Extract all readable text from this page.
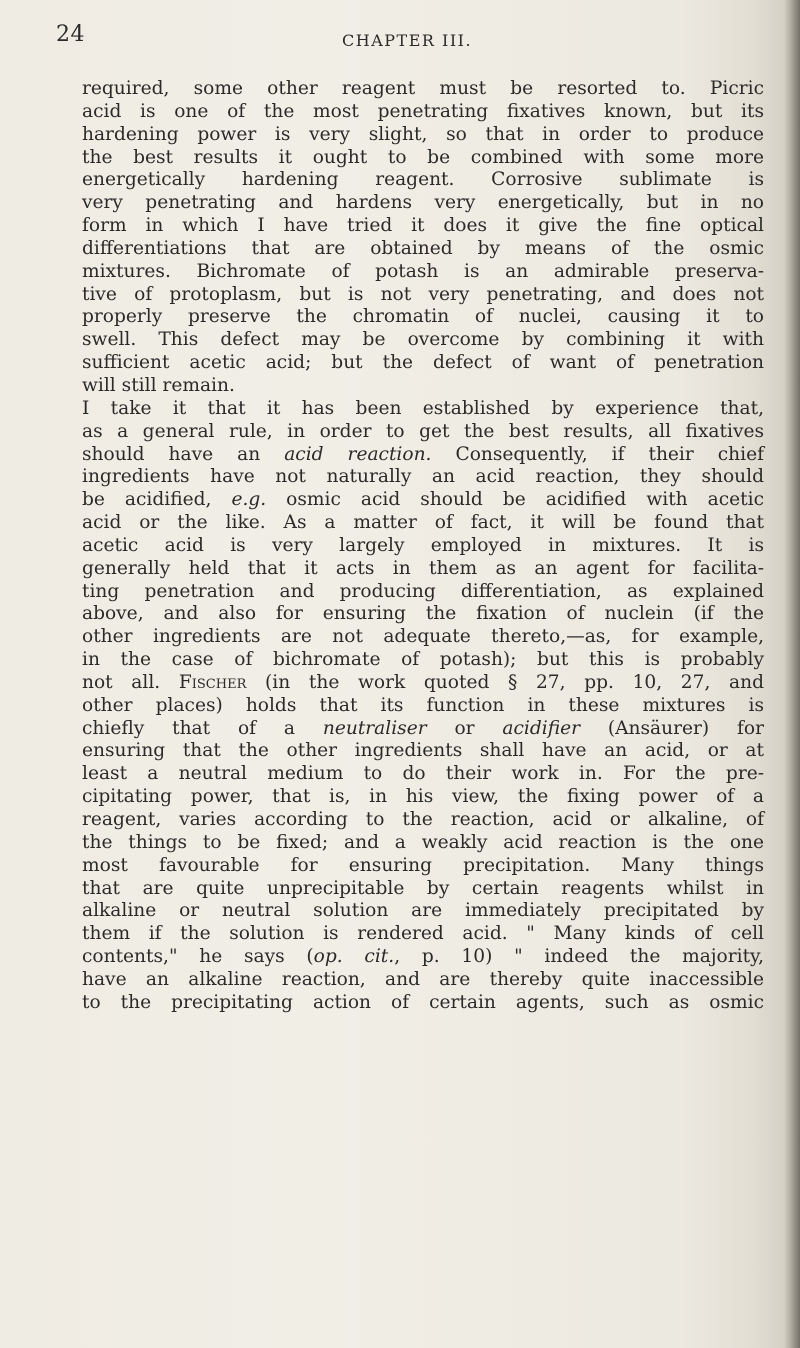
24	CHAPTER III.
required, some other reagent must be resorted to. Picric
acid is one of the most penetrating fixatives known, but its
hardening power is very slight, so that in order to produce
the best results it ought to be combined with some more
energetically hardening reagent. Corrosive sublimate is
very penetrating and hardens very energetically, but in no
form in which I have tried it does it give the fine optical
differentiations that are obtained by means of the osmic
mixtures. Bichromate of potash is an admirable preserva-
tive of protoplasm, but is not very penetrating, and does not
properly preserve the chromatin of nuclei, causing it to
swell. This defect may be overcome by combining it with
sufficient acetic acid; but the defect of want of penetration
will still remain.
I take it that it has been established by experience that,
as a general rule, in order to get the best results, all fixatives
should have an acid reaction. Consequently, if their chief
ingredients have not naturally an acid reaction, they should
be acidified, e.g. osmic acid should be acidified with acetic
acid or the like. As a matter of fact, it will be found that
acetic acid is very largely employed in mixtures. It is
generally held that it acts in them as an agent for facilita-
ting penetration and producing differentiation, as explained
above, and also for ensuring the fixation of nuclein (if the
other ingredients are not adequate thereto,—as, for example,
in the case of bichromate of potash); but this is probably
not all. Fischer (in the work quoted § 27, pp. 10, 27, and
other places) holds that its function in these mixtures is
chiefly that of a neutraliser or acidifier (Ansäurer) for
ensuring that the other ingredients shall have an acid, or at
least a neutral medium to do their work in. For the pre-
cipitating power, that is, in his view, the fixing power of a
reagent, varies according to the reaction, acid or alkaline, of
the things to be fixed; and a weakly acid reaction is the one
most favourable for ensuring precipitation. Many things
that are quite unprecipitable by certain reagents whilst in
alkaline or neutral solution are immediately precipitated by
them if the solution is rendered acid. " Many kinds of cell
contents," he says (op. cit., p. 10) " indeed the majority,
have an alkaline reaction, and are thereby quite inaccessible
to the precipitating action of certain agents, such as osmic
